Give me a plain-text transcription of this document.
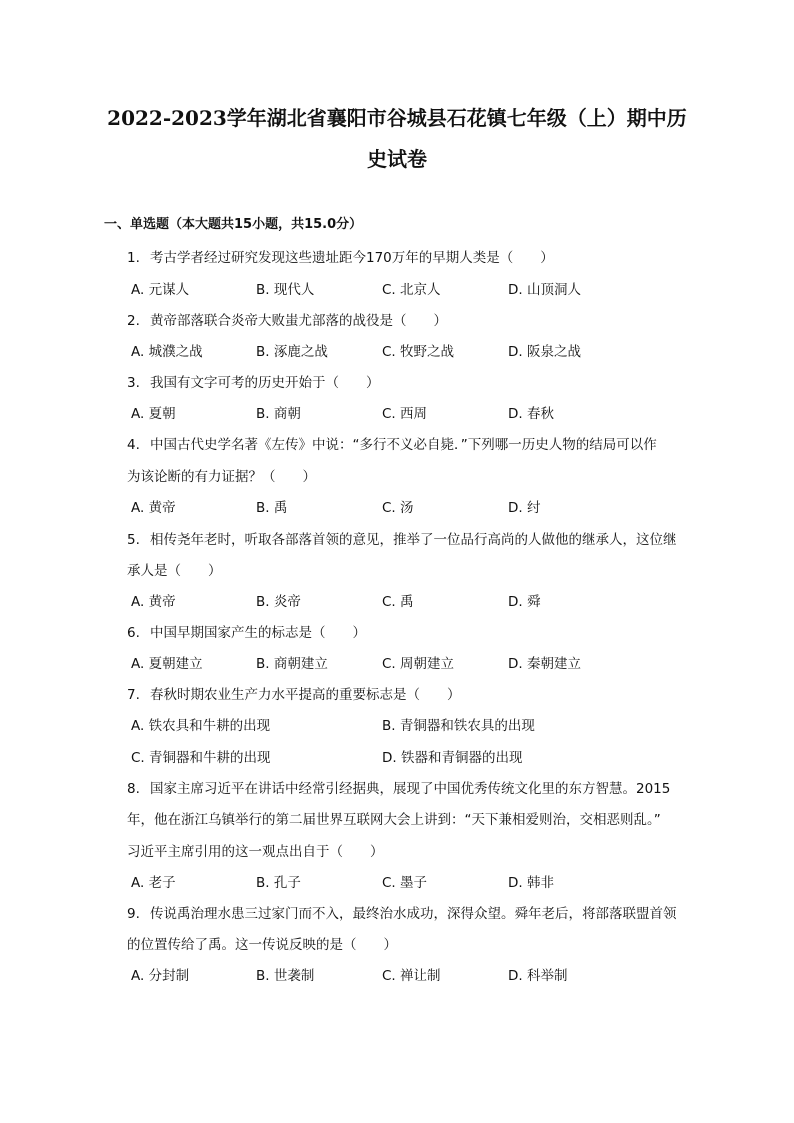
2022-2023学年湖北省襄阳市谷城县石花镇七年级（上）期中历
史试卷
一、单选题（本大题共15小题，共15.0分）
1. 考古学者经过研究发现这些遗址距今170万年的早期人类是（　　）
A. 元谋人	B. 现代人	C. 北京人	D. 山顶洞人
2. 黄帝部落联合炎帝大败蚩尤部落的战役是（　　）
A. 城濮之战	B. 涿鹿之战	C. 牧野之战	D. 阪泉之战
3. 我国有文字可考的历史开始于（　　）
A. 夏朝	B. 商朝	C. 西周	D. 春秋
4. 中国古代史学名著《左传》中说：“多行不义必自毙．”下列哪一历史人物的结局可以作
为该论断的有力证据？（　　）
A. 黄帝	B. 禹	C. 汤	D. 纣
5. 相传尧年老时，听取各部落首领的意见，推举了一位品行高尚的人做他的继承人，这位继
承人是（　　）
A. 黄帝	B. 炎帝	C. 禹	D. 舜
6. 中国早期国家产生的标志是（　　）
A. 夏朝建立	B. 商朝建立	C. 周朝建立	D. 秦朝建立
7. 春秋时期农业生产力水平提高的重要标志是（　　）
A. 铁农具和牛耕的出现	B. 青铜器和铁农具的出现
C. 青铜器和牛耕的出现	D. 铁器和青铜器的出现
8. 国家主席习近平在讲话中经常引经据典，展现了中国优秀传统文化里的东方智慧。2015
年，他在浙江乌镇举行的第二届世界互联网大会上讲到：“天下兼相爱则治，交相恶则乱。”
习近平主席引用的这一观点出自于（　　）
A. 老子	B. 孔子	C. 墨子	D. 韩非
9. 传说禹治理水患三过家门而不入，最终治水成功，深得众望。舜年老后，将部落联盟首领
的位置传给了禹。这一传说反映的是（　　）
A. 分封制	B. 世袭制	C. 禅让制	D. 科举制
